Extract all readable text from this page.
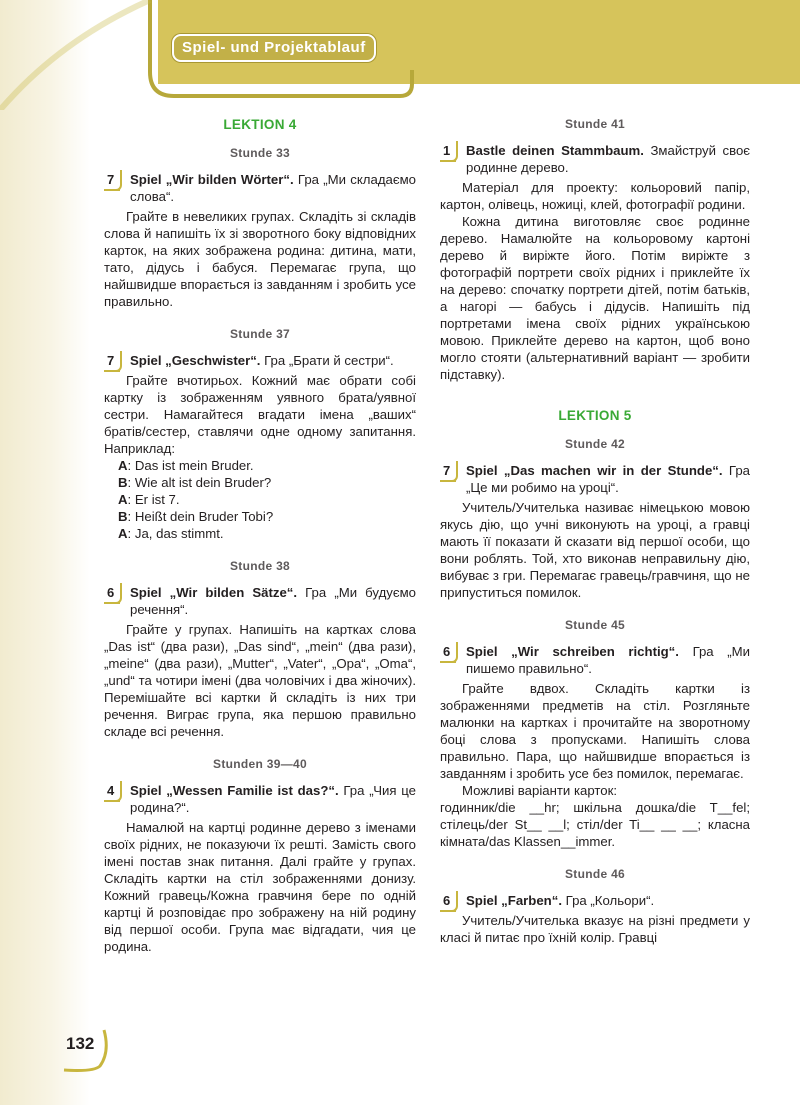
Spiel- und Projektablauf
LEKTION 4
Stunde 33
7	Spiel „Wir bilden Wörter“. Гра „Ми складаємо слова“.

Грайте в невеликих групах. Складіть зі складів слова й напишіть їх зі зворотного боку відповідних карток, на яких зображена родина: дитина, мати, тато, дідусь і бабуся. Перемагає група, що найшвидше впорається із завданням і зробить усе правильно.

Stunde 37
7	Spiel „Geschwister“. Гра „Брати й сестри“.

Грайте вчотирьох. Кожний має обрати собі картку із зображенням уявного брата/уявної сестри. Намагайтеся вгадати імена „ваших“ братів/сестер, ставлячи одне одному запитання. Наприклад:

A: Das ist mein Bruder.
B: Wie alt ist dein Bruder?
A: Er ist 7.
B: Heißt dein Bruder Tobi?
A: Ja, das stimmt.
Stunde 38
6	Spiel „Wir bilden Sätze“. Гра „Ми будуємо речення“.

Грайте у групах. Напишіть на картках слова „Das ist“ (два рази), „Das sind“, „mein“ (два рази), „meine“ (два рази), „Mutter“, „Vater“, „Opa“, „Oma“, „und“ та чотири імені (два чоловічих і два жіночих). Перемішайте всі картки й складіть із них три речення. Виграє група, яка першою правильно складе всі речення.

Stunden 39—40
4	Spiel „Wessen Familie ist das?“. Гра „Чия це родина?“.

Намалюй на картці родинне дерево з іменами своїх рідних, не показуючи їх решті. Замість свого імені постав знак питання. Далі грайте у групах. Складіть картки на стіл зображеннями донизу. Кожний гравець/Кожна гравчиня бере по одній картці й розповідає про зображену на ній родину від першої особи. Група має відгадати, чия це родина.

Stunde 41
1	Bastle deinen Stammbaum. Змайструй своє родинне дерево.

Матеріал для проекту: кольоровий папір, картон, олівець, ножиці, клей, фотографії родини.

Кожна дитина виготовляє своє родинне дерево. Намалюйте на кольоровому картоні дерево й виріжте його. Потім виріжте з фотографій портрети своїх рідних і приклейте їх на дерево: спочатку портрети дітей, потім батьків, а нагорі — бабусь і дідусів. Напишіть під портретами імена своїх рідних українською мовою. Приклейте дерево на картон, щоб воно могло стояти (альтернативний варіант — зробити підставку).

LEKTION 5
Stunde 42
7	Spiel „Das machen wir in der Stunde“. Гра „Це ми робимо на уроці“.

Учитель/Учителька називає німецькою мовою якусь дію, що учні виконують на уроці, а гравці мають її показати й сказати від першої особи, що вони роблять. Той, хто виконав неправильну дію, вибуває з гри. Перемагає гравець/гравчиня, що не припуститься помилок.

Stunde 45
6	Spiel „Wir schreiben richtig“. Гра „Ми пишемо правильно“.

Грайте вдвох. Складіть картки із зображеннями предметів на стіл. Розгляньте малюнки на картках і прочитайте на зворотному боці слова з пропусками. Напишіть слова правильно. Пара, що найшвидше впорається із завданням і зробить усе без помилок, перемагає.

Можливі варіанти карток:

годинник/die __hr; шкільна дошка/die T__fel; стілець/der St__ __l; стіл/der Ti__ __ __; класна кімната/das Klassen__immer.

Stunde 46
6	Spiel „Farben“. Гра „Кольори“.

Учитель/Учителька вказує на різні предмети у класі й питає про їхній колір. Гравці

132
